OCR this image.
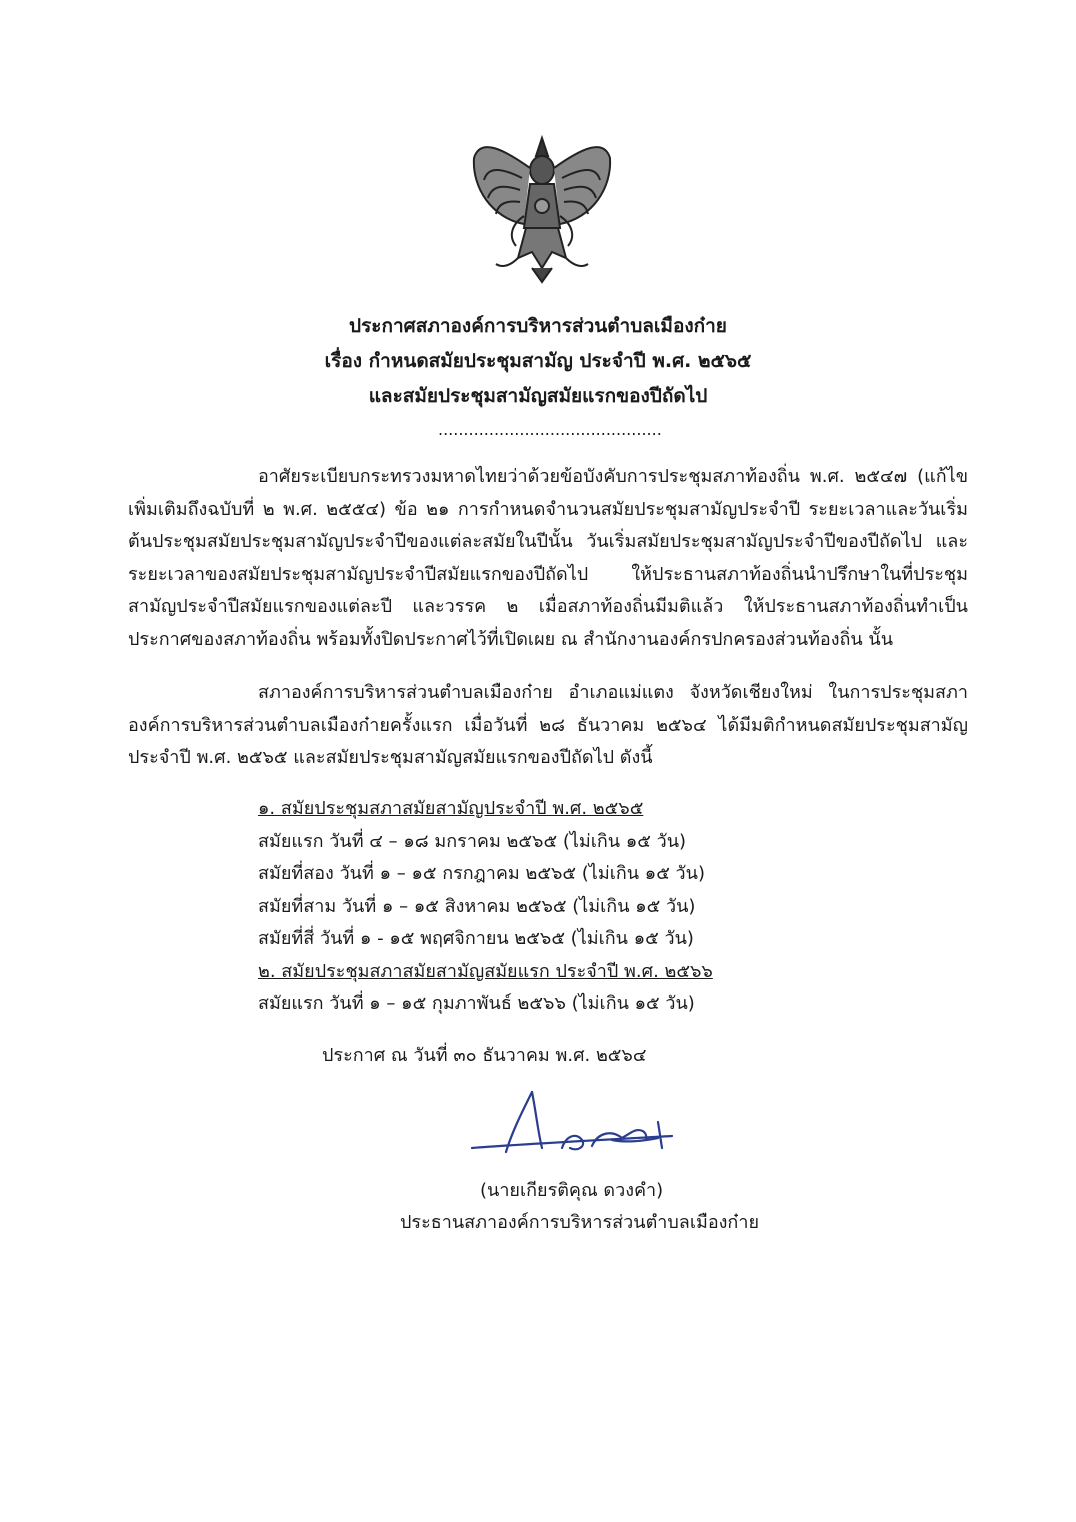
ประกาศสภาองค์การบริหารส่วนตำบลเมืองก๋าย
เรื่อง กำหนดสมัยประชุมสามัญ ประจำปี พ.ศ. ๒๕๖๕
และสมัยประชุมสามัญสมัยแรกของปีถัดไป
............................................

อาศัยระเบียบกระทรวงมหาดไทยว่าด้วยข้อบังคับการประชุมสภาท้องถิ่น พ.ศ. ๒๕๔๗ (แก้ไขเพิ่มเติมถึงฉบับที่ ๒ พ.ศ. ๒๕๕๔) ข้อ ๒๑ การกำหนดจำนวนสมัยประชุมสามัญประจำปี ระยะเวลาและวันเริ่มต้นประชุมสมัยประชุมสามัญประจำปีของแต่ละสมัยในปีนั้น วันเริ่มสมัยประชุมสามัญประจำปีของปีถัดไป และระยะเวลาของสมัยประชุมสามัญประจำปีสมัยแรกของปีถัดไป ให้ประธานสภาท้องถิ่นนำปรึกษาในที่ประชุมสามัญประจำปีสมัยแรกของแต่ละปี และวรรค ๒ เมื่อสภาท้องถิ่นมีมติแล้ว ให้ประธานสภาท้องถิ่นทำเป็นประกาศของสภาท้องถิ่น พร้อมทั้งปิดประกาศไว้ที่เปิดเผย ณ สำนักงานองค์กรปกครองส่วนท้องถิ่น นั้น

สภาองค์การบริหารส่วนตำบลเมืองก๋าย อำเภอแม่แตง จังหวัดเชียงใหม่ ในการประชุมสภาองค์การบริหารส่วนตำบลเมืองก๋ายครั้งแรก เมื่อวันที่ ๒๘ ธันวาคม ๒๕๖๔ ได้มีมติกำหนดสมัยประชุมสามัญประจำปี พ.ศ. ๒๕๖๕ และสมัยประชุมสามัญสมัยแรกของปีถัดไป ดังนี้

๑. สมัยประชุมสภาสมัยสามัญประจำปี พ.ศ. ๒๕๖๕
สมัยแรก วันที่ ๔ – ๑๘ มกราคม ๒๕๖๕ (ไม่เกิน ๑๕ วัน)
สมัยที่สอง วันที่ ๑ – ๑๕ กรกฎาคม ๒๕๖๕ (ไม่เกิน ๑๕ วัน)
สมัยที่สาม วันที่ ๑ – ๑๕ สิงหาคม ๒๕๖๕ (ไม่เกิน ๑๕ วัน)
สมัยที่สี่ วันที่ ๑ - ๑๕ พฤศจิกายน ๒๕๖๕ (ไม่เกิน ๑๕ วัน)
๒. สมัยประชุมสภาสมัยสามัญสมัยแรก ประจำปี พ.ศ. ๒๕๖๖
สมัยแรก วันที่ ๑ – ๑๕ กุมภาพันธ์ ๒๕๖๖ (ไม่เกิน ๑๕ วัน)
ประกาศ ณ วันที่ ๓๐ ธันวาคม พ.ศ. ๒๕๖๔
(นายเกียรติคุณ ดวงคำ)
ประธานสภาองค์การบริหารส่วนตำบลเมืองก๋าย
